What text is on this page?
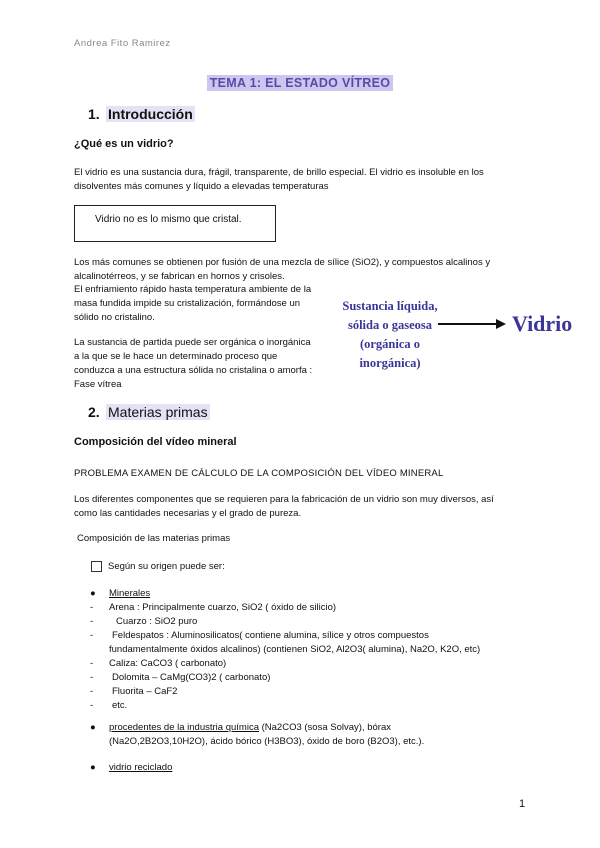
Andrea Fito Ramirez
TEMA 1: EL ESTADO VÍTREO
1. Introducción
¿Qué es un vidrio?
El vidrio es una sustancia dura, frágil, transparente, de brillo especial. El vidrio es insoluble en los
disolventes más comunes y líquido a elevadas temperaturas
Vidrio no es lo mismo que cristal.
Los más comunes se obtienen por fusión de una mezcla de sílice (SiO2), y compuestos alcalinos y
alcalinotérreos, y se fabrican en hornos y crisoles.
El enfriamiento rápido hasta temperatura ambiente de la
masa fundida impide su cristalización, formándose un
sólido no cristalino.
La sustancia de partida puede ser orgánica o inorgánica
a la que se le hace un determinado proceso que
conduzca a una estructura sólida no cristalina o amorfa :
Fase vítrea
Sustancia líquida,
sólida o gaseosa
(orgánica o inorgánica)
Vidrio
2. Materias primas
Composición del vídeo mineral
PROBLEMA EXAMEN DE CÁLCULO DE LA COMPOSICIÓN DEL VÍDEO MINERAL
Los diferentes componentes que se requieren para la fabricación de un vidrio son muy diversos, así
como las cantidades necesarias y el grado de pureza.
Composición de las materias primas
Según su origen puede ser:
● Minerales
- Arena : Principalmente cuarzo, SiO2 ( óxido de silicio)
- Cuarzo : SiO2 puro
- Feldespatos : Aluminosilicatos( contiene alumina, sílice y otros compuestos
fundamentalmente óxidos alcalinos) (contienen SiO2, Al2O3( alumina), Na2O, K2O, etc)
- Caliza: CaCO3 ( carbonato)
- Dolomita – CaMg(CO3)2 ( carbonato)
- Fluorita – CaF2
- etc.
● procedentes de la industria química (Na2CO3 (sosa Solvay), bórax
(Na2O,2B2O3,10H2O), ácido bórico (H3BO3), óxido de boro (B2O3), etc.).
● vidrio reciclado
1
